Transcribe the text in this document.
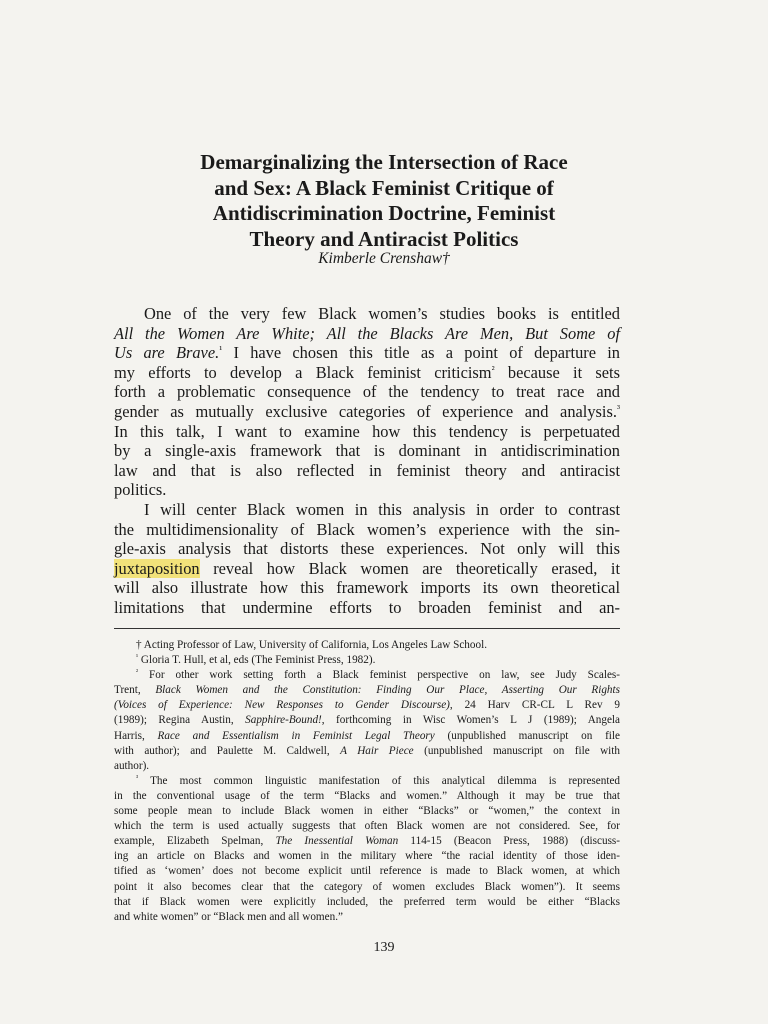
Demarginalizing the Intersection of Race
and Sex: A Black Feminist Critique of
Antidiscrimination Doctrine, Feminist
Theory and Antiracist Politics
Kimberle Crenshaw†
One of the very few Black women’s studies books is entitled
All the Women Are White; All the Blacks Are Men, But Some of
Us are Brave.$^{^1}$ I have chosen this title as a point of departure in
my efforts to develop a Black feminist criticism$^{^2}$ because it sets
forth a problematic consequence of the tendency to treat race and
gender as mutually exclusive categories of experience and analysis.$^{^3}$
In this talk, I want to examine how this tendency is perpetuated
by a single-axis framework that is dominant in antidiscrimination
law and that is also reflected in feminist theory and antiracist
politics.
I will center Black women in this analysis in order to contrast
the multidimensionality of Black women’s experience with the sin-
gle-axis analysis that distorts these experiences. Not only will this
juxtaposition reveal how Black women are theoretically erased, it
will also illustrate how this framework imports its own theoretical
limitations that undermine efforts to broaden feminist and an-
† Acting Professor of Law, University of California, Los Angeles Law School.
$^{^1}$ Gloria T. Hull, et al, eds (The Feminist Press, 1982).
$^{^2}$ For other work setting forth a Black feminist perspective on law, see Judy Scales-
Trent, Black Women and the Constitution: Finding Our Place, Asserting Our Rights
(Voices of Experience: New Responses to Gender Discourse), 24 Harv CR-CL L Rev 9
(1989); Regina Austin, Sapphire-Bound!, forthcoming in Wisc Women’s L J (1989); Angela
Harris, Race and Essentialism in Feminist Legal Theory (unpublished manuscript on file
with author); and Paulette M. Caldwell, A Hair Piece (unpublished manuscript on file with
author).
$^{^3}$ The most common linguistic manifestation of this analytical dilemma is represented
in the conventional usage of the term “Blacks and women.” Although it may be true that
some people mean to include Black women in either “Blacks” or “women,” the context in
which the term is used actually suggests that often Black women are not considered. See, for
example, Elizabeth Spelman, The Inessential Woman 114-15 (Beacon Press, 1988) (discuss-
ing an article on Blacks and women in the military where “the racial identity of those iden-
tified as ‘women’ does not become explicit until reference is made to Black women, at which
point it also becomes clear that the category of women excludes Black women”). It seems
that if Black women were explicitly included, the preferred term would be either “Blacks
and white women” or “Black men and all women.”
139
